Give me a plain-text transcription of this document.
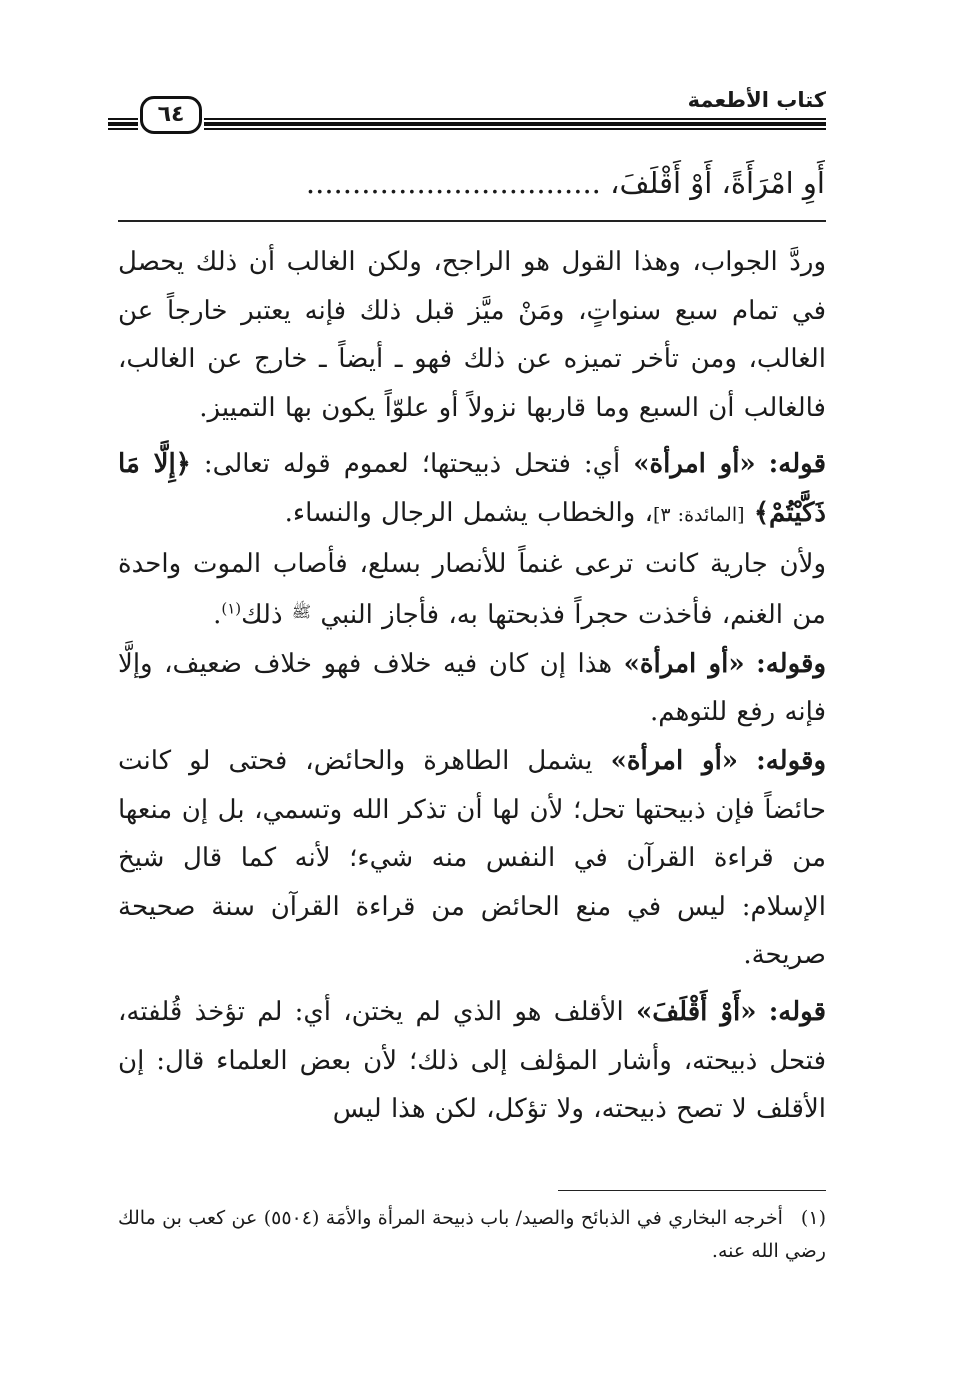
٦٤
كتاب الأطعمة
أَوِ امْرَأَةً، أَوْ أَقْلَفَ، ................................

وردَّ الجواب، وهذا القول هو الراجح، ولكن الغالب أن ذلك يحصل في تمام سبع سنواتٍ، ومَنْ ميَّز قبل ذلك فإنه يعتبر خارجاً عن الغالب، ومن تأخر تميزه عن ذلك فهو ـ أيضاً ـ خارج عن الغالب، فالغالب أن السبع وما قاربها نزولاً أو علوّاً يكون بها التمييز.

قوله: «أو امرأة» أي: فتحل ذبيحتها؛ لعموم قوله تعالى: ﴿إِلَّا مَا ذَكَّيْتُمْ﴾ [المائدة: ٣]، والخطاب يشمل الرجال والنساء.

ولأن جارية كانت ترعى غنماً للأنصار بسلع، فأصاب الموت واحدة من الغنم، فأخذت حجراً فذبحتها به، فأجاز النبي $^ﷺ$ ذلك$^{(١)}$.

وقوله: «أو امرأة» هذا إن كان فيه خلاف فهو خلاف ضعيف، وإلَّا فإنه رفع للتوهم.

وقوله: «أو امرأة» يشمل الطاهرة والحائض، فحتى لو كانت حائضاً فإن ذبيحتها تحل؛ لأن لها أن تذكر الله وتسمي، بل إن منعها من قراءة القرآن في النفس منه شيء؛ لأنه كما قال شيخ الإسلام: ليس في منع الحائض من قراءة القرآن سنة صحيحة صريحة.

قوله: «أَوْ أَقْلَفَ» الأقلف هو الذي لم يختن، أي: لم تؤخذ قُلفته، فتحل ذبيحته، وأشار المؤلف إلى ذلك؛ لأن بعض العلماء قال: إن الأقلف لا تصح ذبيحته، ولا تؤكل، لكن هذا ليس

(١)أخرجه البخاري في الذبائح والصيد/ باب ذبيحة المرأة والأمَة (٥٥٠٤) عن كعب بن مالك رضي الله عنه.
